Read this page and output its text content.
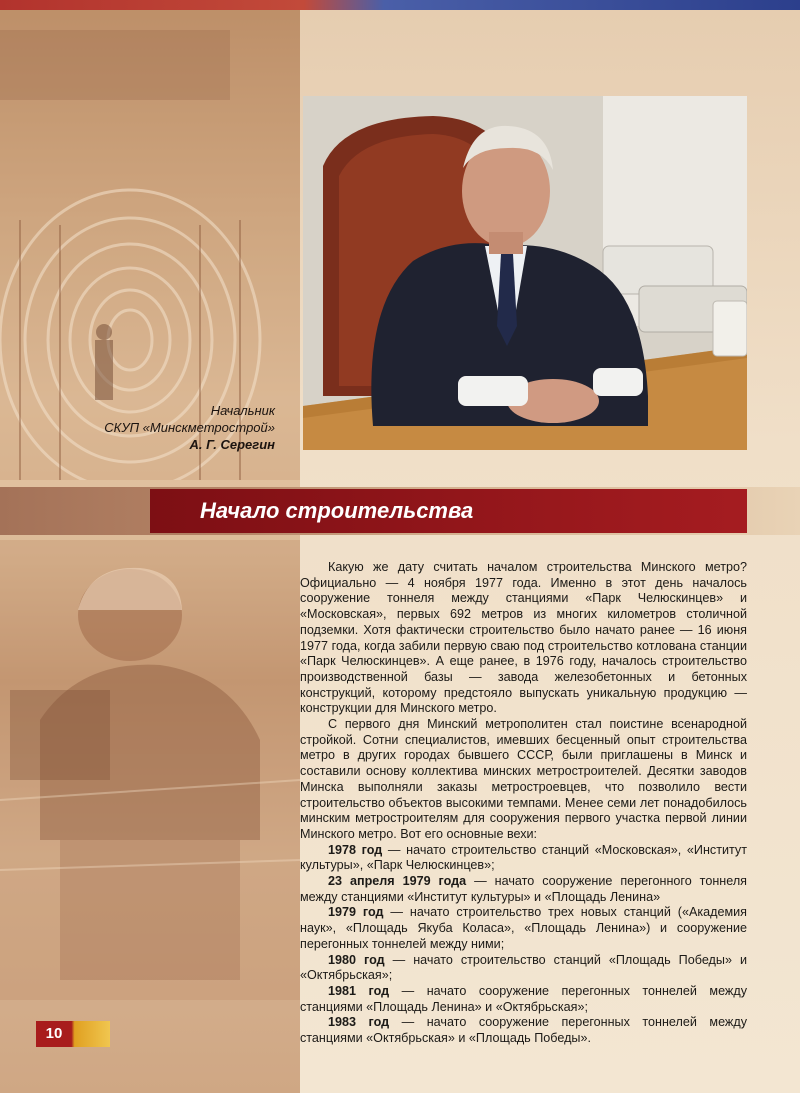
Начальник
СКУП «Минскметрострой»
А. Г. Серегин
Начало строительства

Какую же дату считать началом строительства Минского метро? Официально — 4 ноября 1977 года. Именно в этот день началось сооружение тоннеля между станциями «Парк Челюскинцев» и «Московская», первых 692 метров из многих километров столичной подземки. Хотя фактически строительство было начато ранее — 16 июня 1977 года, когда забили первую сваю под строительство котлована станции «Парк Челюскинцев». А еще ранее, в 1976 году, началось строительство производственной базы — завода железобетонных и бетонных конструкций, которому предстояло выпускать уникальную продукцию — конструкции для Минского метро.

С первого дня Минский метрополитен стал поистине всенародной стройкой. Сотни специалистов, имевших бесценный опыт строительства метро в других городах бывшего СССР, были приглашены в Минск и составили основу коллектива минских метростроителей. Десятки заводов Минска выполняли заказы метростроевцев, что позволило вести строительство объектов высокими темпами. Менее семи лет понадобилось минским метростроителям для сооружения первого участка первой линии Минского метро. Вот его основные вехи:

1978 год — начато строительство станций «Московская», «Институт культуры», «Парк Челюскинцев»;

23 апреля 1979 года — начато сооружение перегонного тоннеля между станциями «Институт культуры» и «Площадь Ленина»

1979 год — начато строительство трех новых станций («Академия наук», «Площадь Якуба Коласа», «Площадь Ленина») и сооружение перегонных тоннелей между ними;

1980 год — начато строительство станций «Площадь Победы» и «Октябрьская»;

1981 год — начато сооружение перегонных тоннелей между станциями «Площадь Ленина» и «Октябрьская»;

1983 год — начато сооружение перегонных тоннелей между станциями «Октябрьская» и «Площадь Победы».

10
